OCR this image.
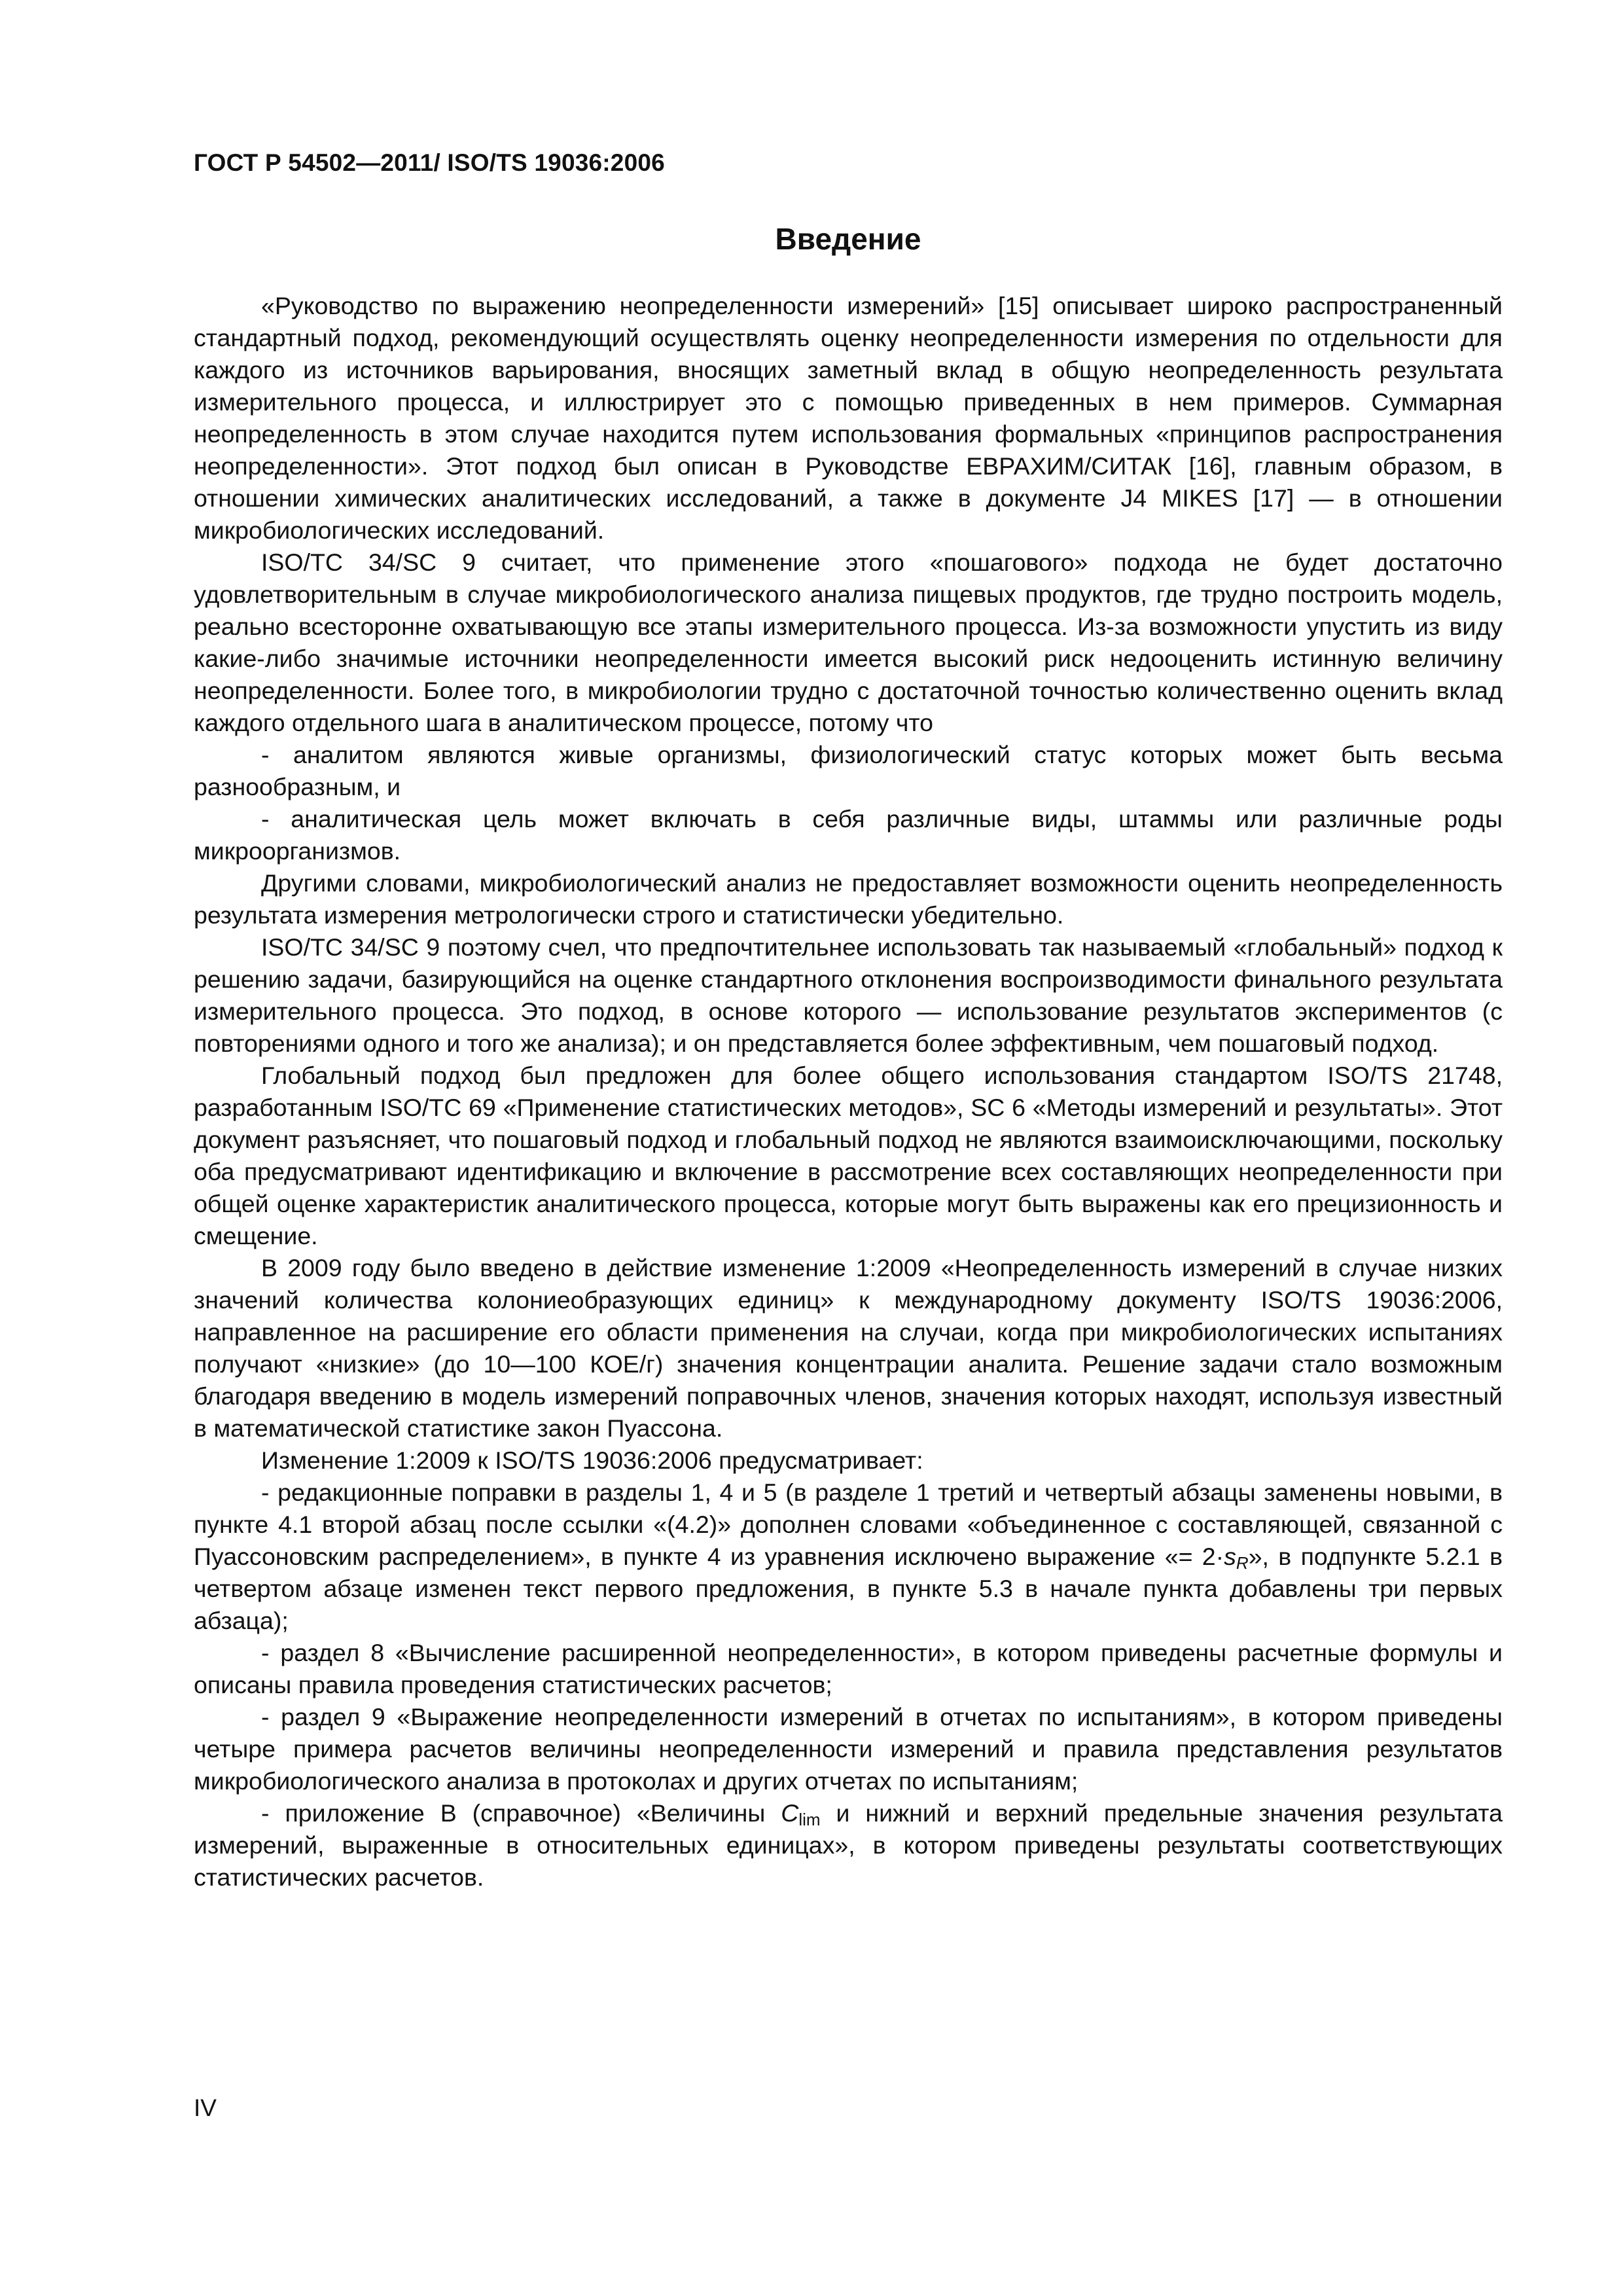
ГОСТ Р 54502—2011/ ISO/TS 19036:2006
Введение

«Руководство по выражению неопределенности измерений» [15] описывает широко распространенный стандартный подход, рекомендующий осуществлять оценку неопределенности измерения по отдельности для каждого из источников варьирования, вносящих заметный вклад в общую неопределенность результата измерительного процесса, и иллюстрирует это с помощью приведенных в нем примеров. Суммарная неопределенность в этом случае находится путем использования формальных «принципов распространения неопределенности». Этот подход был описан в Руководстве ЕВРАХИМ/СИТАК [16], главным образом, в отношении химических аналитических исследований, а также в документе J4 MIKES [17] — в отношении микробиологических исследований.

ISO/TC 34/SC 9 считает, что применение этого «пошагового» подхода не будет достаточно удовлетворительным в случае микробиологического анализа пищевых продуктов, где трудно построить модель, реально всесторонне охватывающую все этапы измерительного процесса. Из-за возможности упустить из виду какие-либо значимые источники неопределенности имеется высокий риск недооценить истинную величину неопределенности. Более того, в микробиологии трудно с достаточной точностью количественно оценить вклад каждого отдельного шага в аналитическом процессе, потому что

- аналитом являются живые организмы, физиологический статус которых может быть весьма разнообразным, и

- аналитическая цель может включать в себя различные виды, штаммы или различные роды микроорганизмов.

Другими словами, микробиологический анализ не предоставляет возможности оценить неопределенность результата измерения метрологически строго и статистически убедительно.

ISO/TC 34/SC 9 поэтому счел, что предпочтительнее использовать так называемый «глобальный» подход к решению задачи, базирующийся на оценке стандартного отклонения воспроизводимости финального результата измерительного процесса. Это подход, в основе которого — использование результатов экспериментов (с повторениями одного и того же анализа); и он представляется более эффективным, чем пошаговый подход.

Глобальный подход был предложен для более общего использования стандартом ISO/TS 21748, разработанным ISO/TC 69 «Применение статистических методов», SC 6 «Методы измерений и результаты». Этот документ разъясняет, что пошаговый подход и глобальный подход не являются взаимоисключающими, поскольку оба предусматривают идентификацию и включение в рассмотрение всех составляющих неопределенности при общей оценке характеристик аналитического процесса, которые могут быть выражены как его прецизионность и смещение.

В 2009 году было введено в действие изменение 1:2009 «Неопределенность измерений в случае низких значений количества колониеобразующих единиц» к международному документу ISO/TS 19036:2006, направленное на расширение его области применения на случаи, когда при микробиологических испытаниях получают «низкие» (до 10—100 КОЕ/г) значения концентрации аналита. Решение задачи стало возможным благодаря введению в модель измерений поправочных членов, значения которых находят, используя известный в математической статистике закон Пуассона.

Изменение 1:2009 к ISO/TS 19036:2006 предусматривает:

- редакционные поправки в разделы 1, 4 и 5 (в разделе 1 третий и четвертый абзацы заменены новыми, в пункте 4.1 второй абзац после ссылки «(4.2)» дополнен словами «объединенное с составляющей, связанной с Пуассоновским распределением», в пункте 4 из уравнения исключено выражение «= $2\cdot s_R$», в подпункте 5.2.1 в четвертом абзаце изменен текст первого предложения, в пункте 5.3 в начале пункта добавлены три первых абзаца);

- раздел 8 «Вычисление расширенной неопределенности», в котором приведены расчетные формулы и описаны правила проведения статистических расчетов;

- раздел 9 «Выражение неопределенности измерений в отчетах по испытаниям», в котором приведены четыре примера расчетов величины неопределенности измерений и правила представления результатов микробиологического анализа в протоколах и других отчетах по испытаниям;

- приложение В (справочное) «Величины $C_{lim}$ и нижний и верхний предельные значения результата измерений, выраженные в относительных единицах», в котором приведены результаты соответствующих статистических расчетов.

IV
